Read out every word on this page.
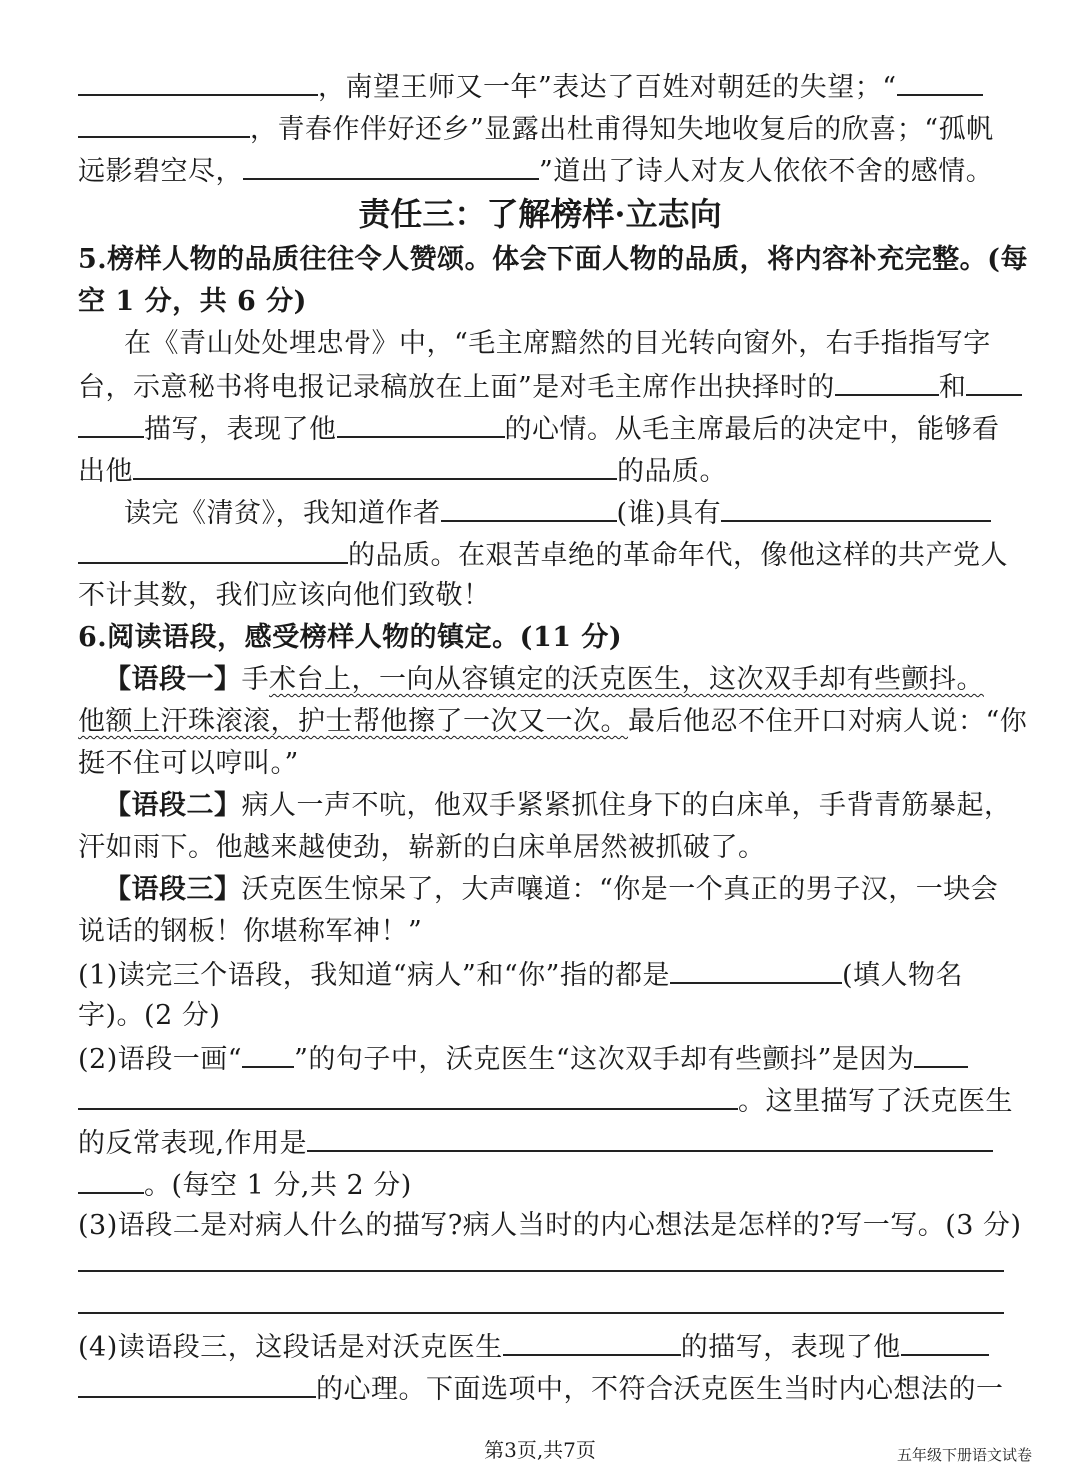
，南望王师又一年”表达了百姓对朝廷的失望；“
，青春作伴好还乡”显露出杜甫得知失地收复后的欣喜；“孤帆
远影碧空尽，	”道出了诗人对友人依依不舍的感情。
责任三：了解榜样·立志向
5.榜样人物的品质往往令人赞颂。体会下面人物的品质，将内容补充完整。(每
空 1 分，共 6 分)
在《青山处处埋忠骨》中，“毛主席黯然的目光转向窗外，右手指指写字
台，示意秘书将电报记录稿放在上面”是对毛主席作出抉择时的	和
描写，表现了他	的心情。从毛主席最后的决定中，能够看
出他	的品质。
读完《清贫》，我知道作者	(谁)具有
的品质。在艰苦卓绝的革命年代，像他这样的共产党人
不计其数，我们应该向他们致敬！
6.阅读语段，感受榜样人物的镇定。(11 分)
【语段一】手术台上，一向从容镇定的沃克医生，这次双手却有些颤抖。
他额上汗珠滚滚，护士帮他擦了一次又一次。最后他忍不住开口对病人说：“你
挺不住可以哼叫。”
【语段二】病人一声不吭，他双手紧紧抓住身下的白床单，手背青筋暴起，
汗如雨下。他越来越使劲，崭新的白床单居然被抓破了。
【语段三】沃克医生惊呆了，大声嚷道：“你是一个真正的男子汉，一块会
说话的钢板！你堪称军神！”
(1)读完三个语段，我知道“病人”和“你”指的都是	(填人物名
字)。(2 分)
(2)语段一画“ ”的句子中，沃克医生“这次双手却有些颤抖”是因为
。这里描写了沃克医生
的反常表现,作用是
。(每空 1 分,共 2 分)
(3)语段二是对病人什么的描写?病人当时的内心想法是怎样的?写一写。(3 分)
(4)读语段三，这段话是对沃克医生	的描写，表现了他
的心理。下面选项中，不符合沃克医生当时内心想法的一
第3页,共7页	五年级下册语文试卷
